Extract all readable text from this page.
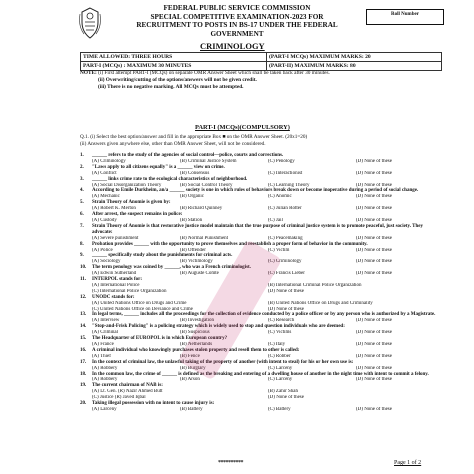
FEDERAL PUBLIC SERVICE COMMISSION
SPECIAL COMPETITIVE EXAMINATION-2023 FOR
RECRUITMENT TO POSTS IN BS-17 UNDER THE FEDERAL
GOVERNMENT
Roll Number
CRIMINOLOGY
TIME ALLOWED: THREE HOURS	(PART-I MCQs) MAXIMUM MARKS: 20
PART-I (MCQs) : MAXIMUM 30 MINUTES	(PART-II) MAXIMUM MARKS: 80
NOTE: (i) First attempt PART-I (MCQs) on separate OMR Answer Sheet which shall be taken back after 30 minutes.
(ii) Overwriting/cutting of the options/answers will not be given credit.
(iii) There is no negative marking. All MCQs must be attempted.
PART-I (MCQs)(COMPULSORY)
Q.1. (i) Select the best option/answer and fill in the appropriate Box ■ on the OMR Answer Sheet. (20x1=20)
(ii) Answers given anywhere else, other than OMR Answer Sheet, will not be considered.
1.	______ refers to the study of the agencies of social control—police, courts and corrections.
(A) Criminology	(B) Criminal Justice System	(C) Penology	(D) None of these
2.	"Laws apply to all citizens equally" is a ______ view on crime.
(A) Conflict	(B) Consensus	(C) Interactionist	(D) None of these
3.	______ links crime rate to the ecological characteristics of neighborhood.
(A) Social Disorganization Theory	(B) Social Control Theory	(C) Learning Theory	(D) None of these
4.	According to Emile Durkheim, an/a ______ society is one in which rules of behaviors break down or become inoperative during a period of social change.
(A) Mechanic	(B) Organic	(C) Anomic	(D) None of these
5.	Strain Theory of Anomie is given by:
(A) Robert K. Merton	(B) Richard Quinney	(C) Julian Rotter	(D) None of these
6.	After arrest, the suspect remains in police:
(A) Custody	(B) Station	(C) Jail	(D) None of these
7.	Strain Theory of Anomie is that restorative justice model maintain that the true purpose of criminal justice system is to promote peaceful, just society. They advocate:
(A) Severe punishment	(B) Normal Punishment	(C) Peacemaking	(D) None of these
8.	Probation provides ______ with the opportunity to prove themselves and reestablish a proper form of behavior in the community.
(A) Police	(B) Offender	(C) Victim	(D) None of these
9.	______ specifically study about the punishments for criminal acts.
(A) Sociology	(B) Victimology	(C) Criminology	(D) None of these
10.	The term penology was coined by ______, who was a French criminologist.
(A) Edwin Sutherland	(B) Auguste Comte	(C) Francis Lieber	(D) None of these
11.	INTERPOL stands for:
(A) International Police	(B) International Criminal Police Organization
(C) International Police Organization	(D) None of these
12.	UNODC stands for:
(A) United Nations Office on Drugs and Crime	(B) United Nations Office on Drugs and Criminality
(C) United Nations Office on Deviance and Crime	(D) None of these
13.	In legal terms, ______ includes all the proceedings for the collection of evidence conducted by a police officer or by any person who is authorized by a Magistrate.
(A) Interview	(B) Investigation	(C) Research	(D) None of these
14.	"Stop-and-Frisk Policing" is a policing strategy which is widely used to stop and question individuals who are deemed:
(A) Criminal	(B) Suspicious	(C) Victims	(D) None of these
15.	The Headquarter of EUROPOL is in which European country?
(A) France	(B) Netherlands	(C) Italy	(D) None of these
16.	A criminal individual who knowingly purchases stolen property and resell them to other is called:
(A) Thief	(B) Fence	(C) Robber	(D) None of these
17.	In the context of criminal law, the unlawful taking of the property of another (with intent to steal) for his or her own use is:
(A) Robbery	(B) Burglary	(C) Larceny	(D) None of these
18.	In the common law, the crime of ______ is defined as the breaking and entering of a dwelling house of another in the night time with intent to commit a felony.
(A) Robbery	(B) Arson	(C) Larceny	(D) None of these
19.	The current chairman of NAB is:
(A) Lt. Gen. (R) Nazir Ahmed Butt	(B) Zahir Shah
(C) Justice (R) Javed Iqbal	(D) None of these
20.	Taking illegal possession with no intent to cause injury is:
(A) Larceny	(B) Battery	(C) Battery	(D) None of these
**********	Page 1 of 2
